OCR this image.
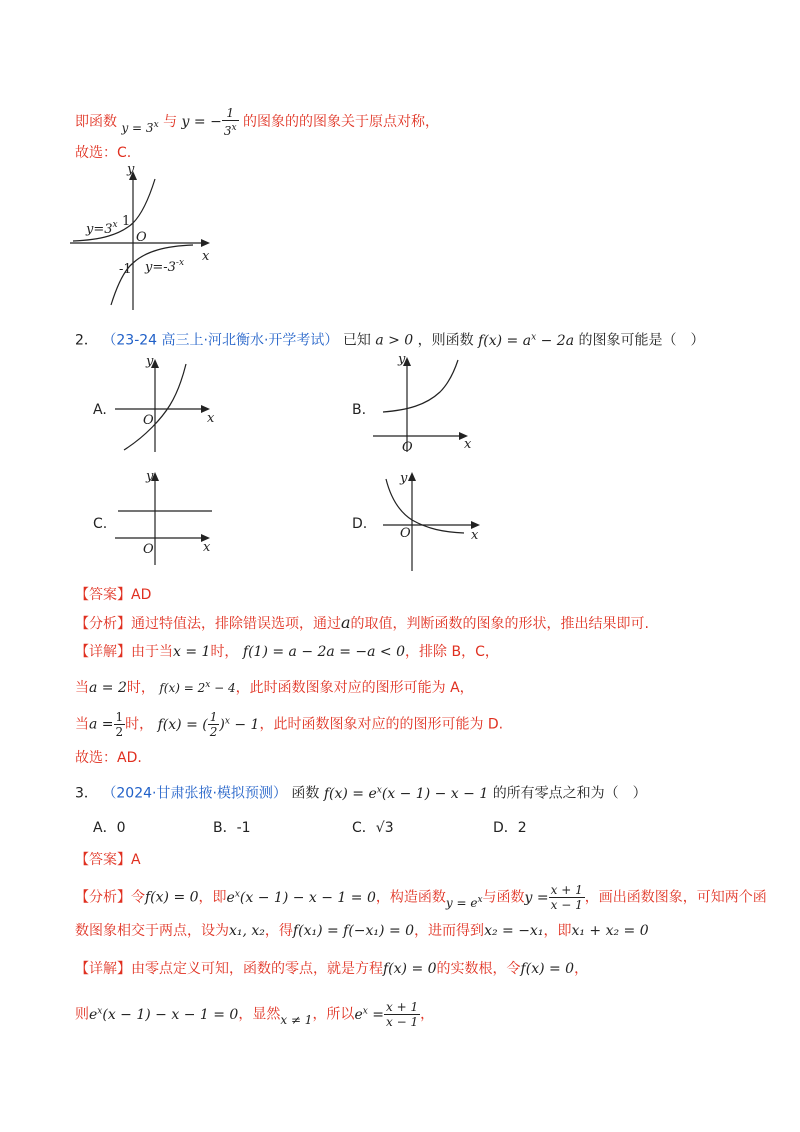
即函数 $y = 3^x$ 与 y = − $\frac{1}{3^x}$ 的图象的的图象关于原点对称，
故选：C.
y
x
O
1
-1
$y=3^x$
$y=-3^{-x}$
2． （23-24 高三上·河北衡水·开学考试） 已知 a > 0 ，则函数 $f(x) = a^x - 2a$ 的图象可能是（　）
A.
y
x
O
B.
y
x
O
C.
y
x
O
D.
y
x
O
【答案】AD
【分析】通过特值法，排除错误选项，通过a的取值，判断函数的图象的形状，推出结果即可.
【详解】由于当x = 1时， f(1) = a − 2a = −a < 0，排除 B，C，
当a = 2时， $f(x) = 2^x - 4$，此时函数图象对应的图形可能为 A，
当$a = \frac{1}{2}$ 时， f(x) = ( $\frac{1}{2} )^x - 1$，此时函数图象对应的的图形可能为 D.
故选：AD.
3． （2024·甘肃张掖·模拟预测） 函数 $f(x) = e^x(x - 1) - x - 1$ 的所有零点之和为（　）
A．0	B．-1	C．√3	D．2
【答案】A
【分析】令f(x) = 0，即$e^x(x - 1) - x - 1 = 0$，构造函数$y = e^x$与函数$y = \frac{x + 1}{x - 1}$ ，画出函数图象，可知两个函
数图象相交于两点，设为x₁, x₂，得f(x₁) = f(−x₁) = 0，进而得到x₂ = −x₁，即x₁ + x₂ = 0
【详解】由零点定义可知，函数的零点，就是方程f(x) = 0的实数根，令f(x) = 0，
则$e^x(x - 1) - x - 1 = 0$，显然x ≠ 1，所以$e^x = \frac{x + 1}{x - 1}$ ，
